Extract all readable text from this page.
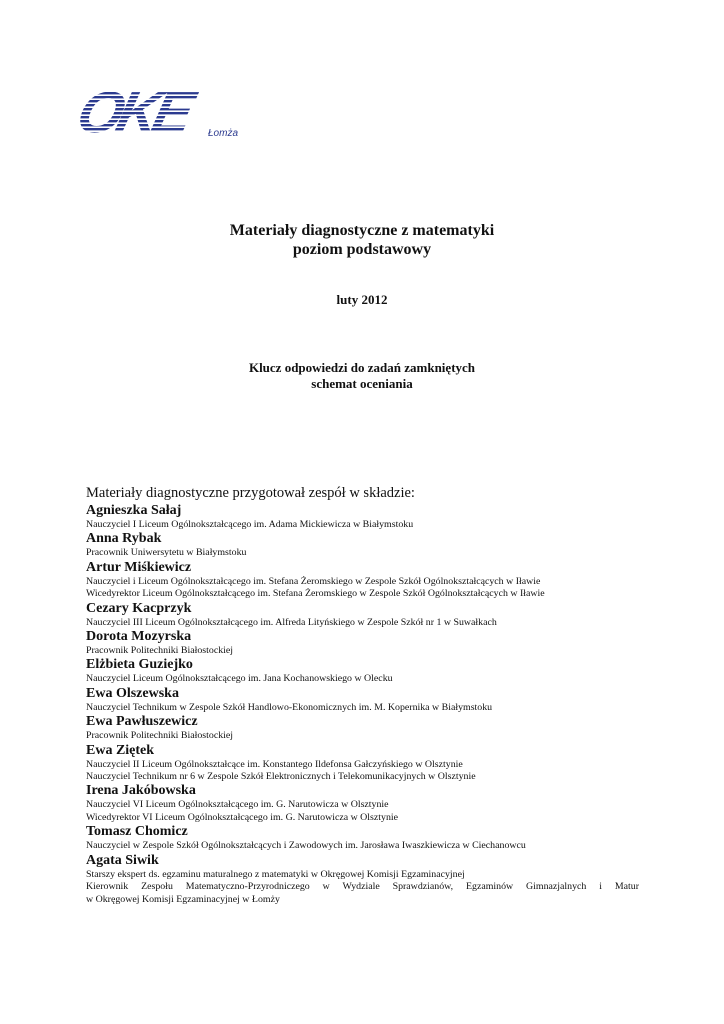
OKE	Łomża
Materiały diagnostyczne z matematyki
poziom podstawowy
luty 2012
Klucz odpowiedzi do zadań zamkniętych
schemat oceniania
Materiały diagnostyczne przygotował zespół w składzie:
Agnieszka Sałaj
Nauczyciel I Liceum Ogólnokształcącego im. Adama Mickiewicza w Białymstoku
Anna Rybak
Pracownik Uniwersytetu w Białymstoku
Artur Miśkiewicz
Nauczyciel i Liceum Ogólnokształcącego im. Stefana Żeromskiego w Zespole Szkół Ogólnokształcących w Iławie
Wicedyrektor Liceum Ogólnokształcącego im. Stefana Żeromskiego w Zespole Szkół Ogólnokształcących w Iławie
Cezary Kacprzyk
Nauczyciel III Liceum Ogólnokształcącego im. Alfreda Lityńskiego w Zespole Szkół nr 1 w Suwałkach
Dorota Mozyrska
Pracownik Politechniki Białostockiej
Elżbieta Guziejko
Nauczyciel Liceum Ogólnokształcącego im. Jana Kochanowskiego w Olecku
Ewa Olszewska
Nauczyciel Technikum w Zespole Szkół Handlowo-Ekonomicznych im. M. Kopernika w Białymstoku
Ewa Pawłuszewicz
Pracownik Politechniki Białostockiej
Ewa Ziętek
Nauczyciel II Liceum Ogólnokształcące im. Konstantego Ildefonsa Gałczyńskiego w Olsztynie
Nauczyciel Technikum nr 6 w Zespole Szkół Elektronicznych i Telekomunikacyjnych w Olsztynie
Irena Jakóbowska
Nauczyciel VI Liceum Ogólnokształcącego im. G. Narutowicza w Olsztynie
Wicedyrektor VI Liceum Ogólnokształcącego im. G. Narutowicza w Olsztynie
Tomasz Chomicz
Nauczyciel w Zespole Szkół Ogólnokształcących i Zawodowych im. Jarosława Iwaszkiewicza w Ciechanowcu
Agata Siwik
Starszy ekspert ds. egzaminu maturalnego z matematyki w Okręgowej Komisji Egzaminacyjnej
Kierownik Zespołu Matematyczno-Przyrodniczego w Wydziale Sprawdzianów, Egzaminów Gimnazjalnych i Matur
w Okręgowej Komisji Egzaminacyjnej w Łomży
